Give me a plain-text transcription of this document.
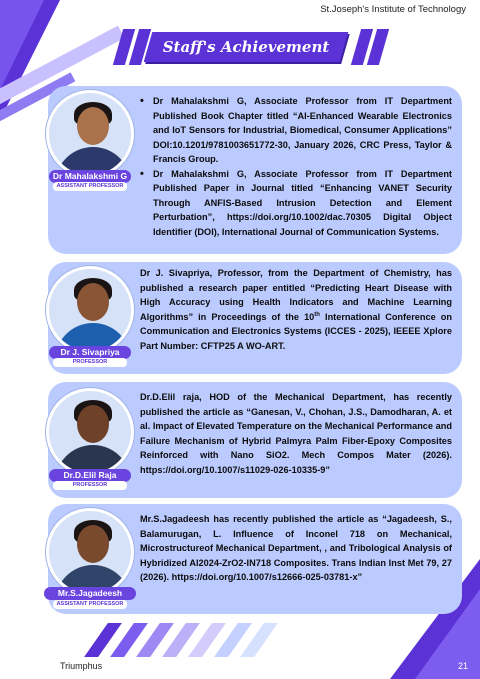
St.Joseph's Institute of Technology
Staff's Achievement
• Dr Mahalakshmi G, Associate Professor from IT Department Published Book Chapter titled “AI-Enhanced Wearable Electronics and IoT Sensors for Industrial, Biomedical, Consumer Applications” DOI:10.1201/9781003651772-30, January 2026, CRC Press, Taylor & Francis Group.
• Dr Mahalakshmi G, Associate Professor from IT Department Published Paper in Journal titled “Enhancing VANET Security Through ANFIS-Based Intrusion Detection and Element Perturbation”, https://doi.org/10.1002/dac.70305 Digital Object Identifier (DOI), International Journal of Communication Systems.
Dr Mahalakshmi G
ASSISTANT PROFESSOR
Dr J. Sivapriya, Professor, from the Department of Chemistry, has published a research paper entitled “Predicting Heart Disease with High Accuracy using Health Indicators and Machine Learning Algorithms” in Proceedings of the 10th International Conference on Communication and Electronics Systems (ICCES - 2025), IEEEE Xplore Part Number: CFTP25 A WO-ART.
Dr J. Sivapriya
PROFESSOR
Dr.D.Elil raja, HOD of the Mechanical Department, has recently published the article as “Ganesan, V., Chohan, J.S., Damodharan, A. et al. Impact of Elevated Temperature on the Mechanical Performance and Failure Mechanism of Hybrid Palmyra Palm Fiber-Epoxy Composites Reinforced with Nano SiO2. Mech Compos Mater (2026). https://doi.org/10.1007/s11029-026-10335-9”
Dr.D.Elil Raja
PROFESSOR
Mr.S.Jagadeesh has recently published the article as “Jagadeesh, S., Balamurugan, L. Influence of Inconel 718 on Mechanical, Microstructureof Mechanical Department, , and Tribological Analysis of Hybridized Al2024-ZrO2-IN718 Composites. Trans Indian Inst Met 79, 27 (2026). https://doi.org/10.1007/s12666-025-03781-x”
Mr.S.Jagadeesh
ASSISTANT PROFESSOR
Triumphus	21
